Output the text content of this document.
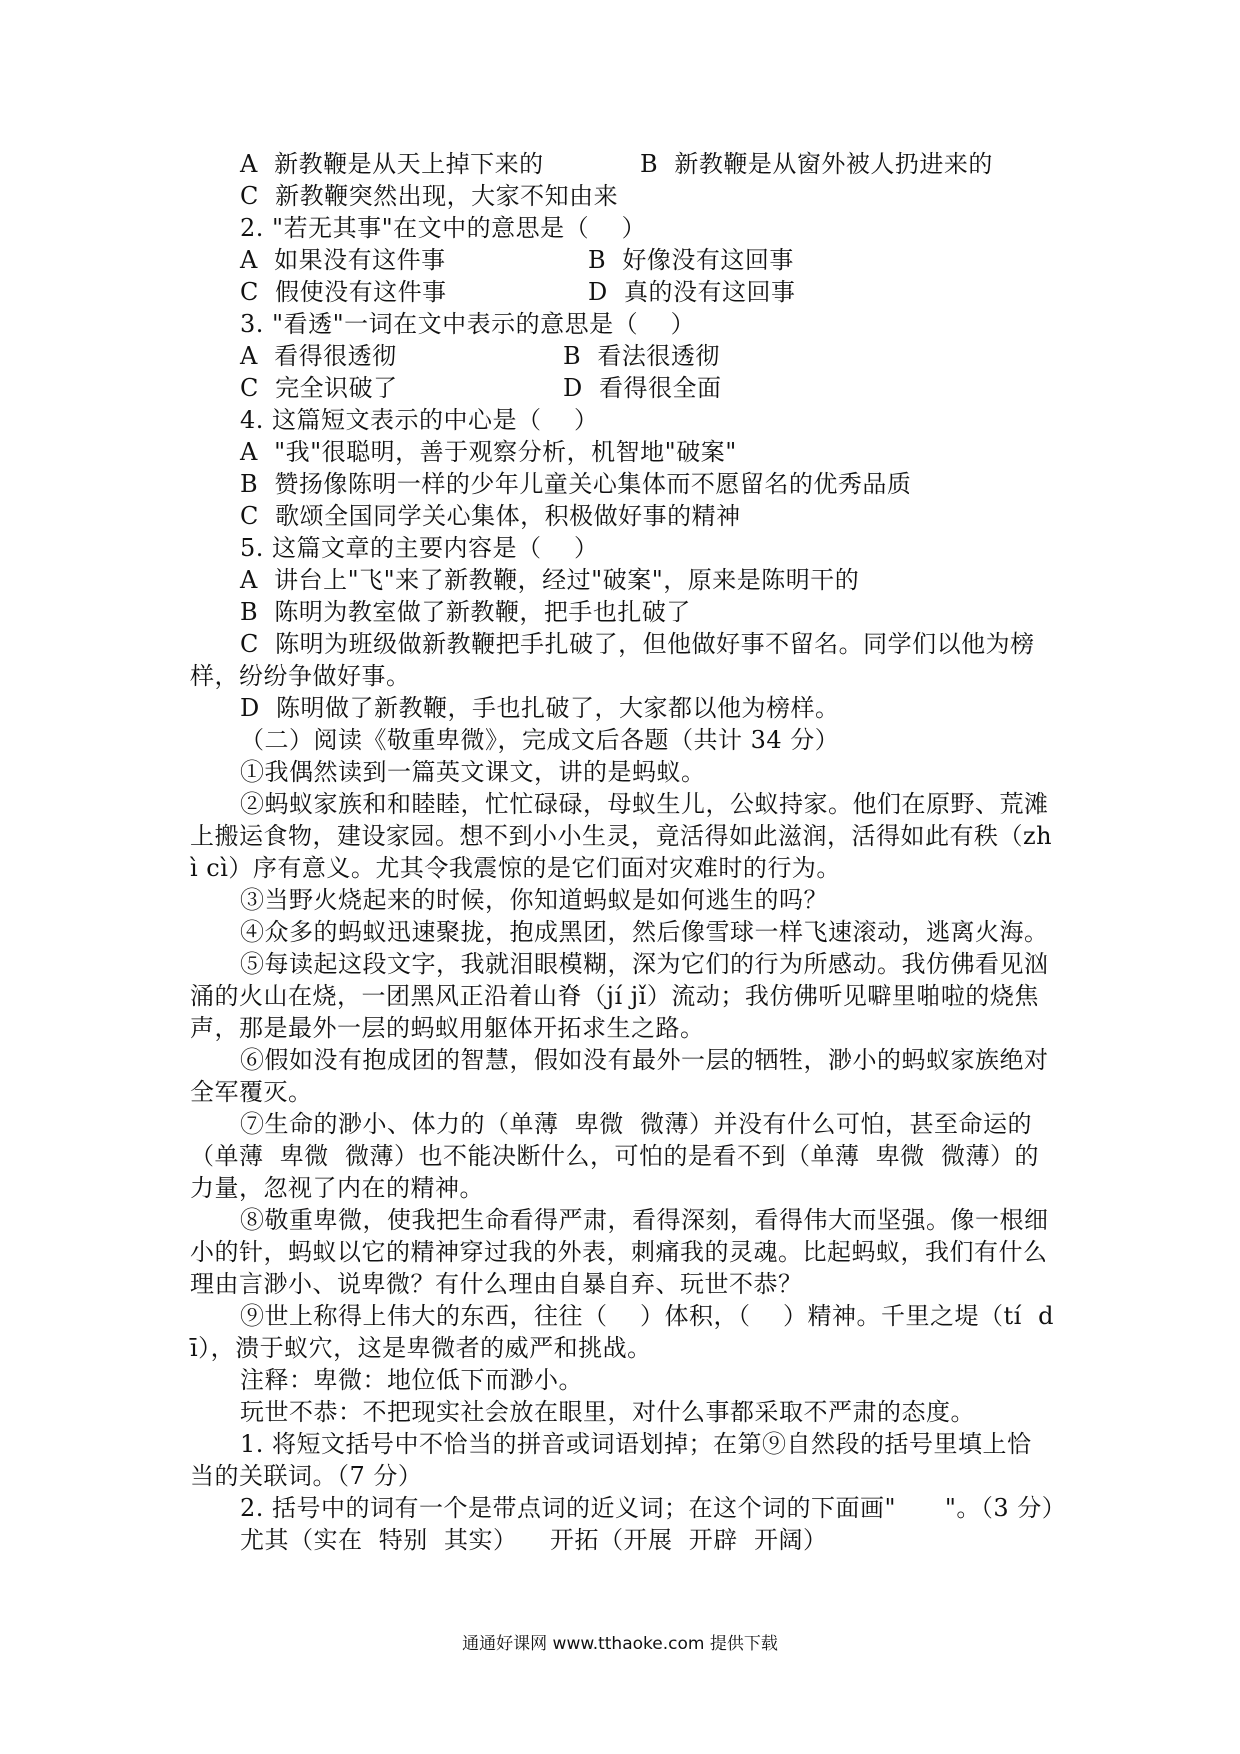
A  新教鞭是从天上掉下来的	B  新教鞭是从窗外被人扔进来的
C  新教鞭突然出现，大家不知由来
2. "若无其事"在文中的意思是（    ）
A  如果没有这件事	B  好像没有这回事
C  假使没有这件事	D  真的没有这回事
3. "看透"一词在文中表示的意思是（    ）
A  看得很透彻	B  看法很透彻
C  完全识破了	D  看得很全面
4. 这篇短文表示的中心是（    ）
A  "我"很聪明，善于观察分析，机智地"破案"
B  赞扬像陈明一样的少年儿童关心集体而不愿留名的优秀品质
C  歌颂全国同学关心集体，积极做好事的精神
5. 这篇文章的主要内容是（    ）
A  讲台上"飞"来了新教鞭，经过"破案"，原来是陈明干的
B  陈明为教室做了新教鞭，把手也扎破了
C  陈明为班级做新教鞭把手扎破了，但他做好事不留名。同学们以他为榜
样，纷纷争做好事。
D  陈明做了新教鞭，手也扎破了，大家都以他为榜样。
（二）阅读《敬重卑微》，完成文后各题（共计 34 分）
①我偶然读到一篇英文课文，讲的是蚂蚁。
②蚂蚁家族和和睦睦，忙忙碌碌，母蚁生儿，公蚁持家。他们在原野、荒滩
上搬运食物，建设家园。想不到小小生灵，竟活得如此滋润，活得如此有秩（zh
ì cì）序有意义。尤其令我震惊的是它们面对灾难时的行为。
③当野火烧起来的时候，你知道蚂蚁是如何逃生的吗？
④众多的蚂蚁迅速聚拢，抱成黑团，然后像雪球一样飞速滚动，逃离火海。
⑤每读起这段文字，我就泪眼模糊，深为它们的行为所感动。我仿佛看见汹
涌的火山在烧，一团黑风正沿着山脊（jí jǐ）流动；我仿佛听见噼里啪啦的烧焦
声，那是最外一层的蚂蚁用躯体开拓求生之路。
⑥假如没有抱成团的智慧，假如没有最外一层的牺牲，渺小的蚂蚁家族绝对
全军覆灭。
⑦生命的渺小、体力的（单薄  卑微  微薄）并没有什么可怕，甚至命运的
（单薄  卑微  微薄）也不能决断什么，可怕的是看不到（单薄  卑微  微薄）的
力量，忽视了内在的精神。
⑧敬重卑微，使我把生命看得严肃，看得深刻，看得伟大而坚强。像一根细
小的针，蚂蚁以它的精神穿过我的外表，刺痛我的灵魂。比起蚂蚁，我们有什么
理由言渺小、说卑微？有什么理由自暴自弃、玩世不恭？
⑨世上称得上伟大的东西，往往（    ）体积，（    ）精神。千里之堤（tí  d
ī），溃于蚁穴，这是卑微者的威严和挑战。
注释：卑微：地位低下而渺小。
玩世不恭：不把现实社会放在眼里，对什么事都采取不严肃的态度。
1. 将短文括号中不恰当的拼音或词语划掉；在第⑨自然段的括号里填上恰
当的关联词。（7 分）
2. 括号中的词有一个是带点词的近义词；在这个词的下面画"      "。（3 分）
尤其（实在  特别  其实）    开拓（开展  开辟  开阔）
通通好课网 www.tthaoke.com 提供下载
